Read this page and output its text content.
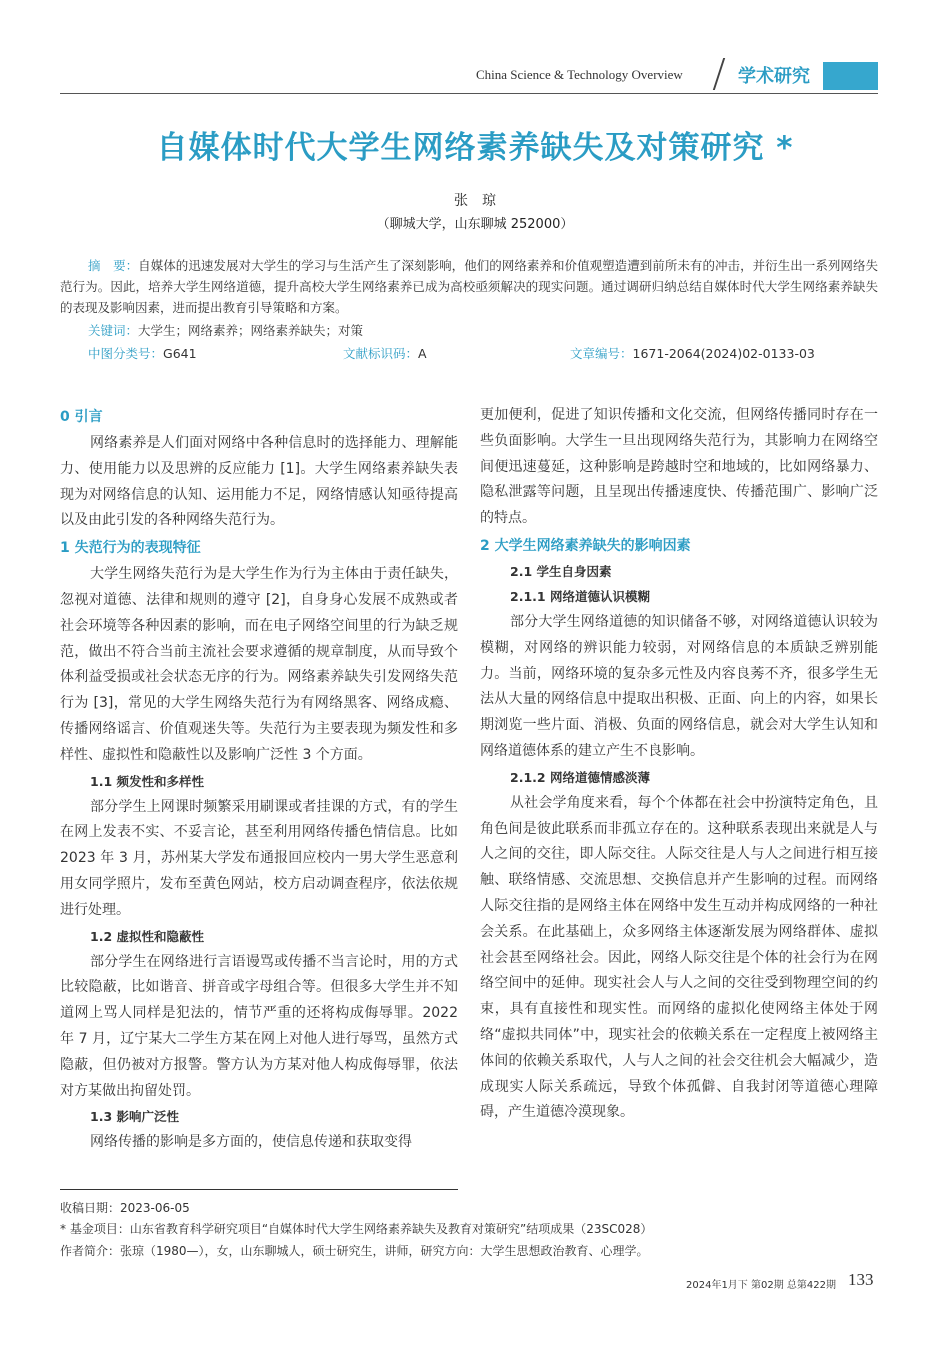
China Science & Technology Overview	学术研究
自媒体时代大学生网络素养缺失及对策研究 *
张　琼
（聊城大学，山东聊城 252000）
摘　要：自媒体的迅速发展对大学生的学习与生活产生了深刻影响，他们的网络素养和价值观塑造遭到前所未有的冲击，并衍生出一系列网络失范行为。因此，培养大学生网络道德，提升高校大学生网络素养已成为高校亟须解决的现实问题。通过调研归纳总结自媒体时代大学生网络素养缺失的表现及影响因素，进而提出教育引导策略和方案。
关键词：大学生；网络素养；网络素养缺失；对策
中图分类号：G641	文献标识码：A	文章编号：1671-2064(2024)02-0133-03
0 引言

网络素养是人们面对网络中各种信息时的选择能力、理解能力、使用能力以及思辨的反应能力 [1]。大学生网络素养缺失表现为对网络信息的认知、运用能力不足，网络情感认知亟待提高以及由此引发的各种网络失范行为。

1 失范行为的表现特征

大学生网络失范行为是大学生作为行为主体由于责任缺失，忽视对道德、法律和规则的遵守 [2]，自身身心发展不成熟或者社会环境等各种因素的影响，而在电子网络空间里的行为缺乏规范，做出不符合当前主流社会要求遵循的规章制度，从而导致个体利益受损或社会状态无序的行为。网络素养缺失引发网络失范行为 [3]，常见的大学生网络失范行为有网络黑客、网络成瘾、传播网络谣言、价值观迷失等。失范行为主要表现为频发性和多样性、虚拟性和隐蔽性以及影响广泛性 3 个方面。

1.1 频发性和多样性

部分学生上网课时频繁采用刷课或者挂课的方式，有的学生在网上发表不实、不妥言论，甚至利用网络传播色情信息。比如 2023 年 3 月，苏州某大学发布通报回应校内一男大学生恶意利用女同学照片，发布至黄色网站，校方启动调查程序，依法依规进行处理。

1.2 虚拟性和隐蔽性

部分学生在网络进行言语谩骂或传播不当言论时，用的方式比较隐蔽，比如谐音、拼音或字母组合等。但很多大学生并不知道网上骂人同样是犯法的，情节严重的还将构成侮辱罪。2022 年 7 月，辽宁某大二学生方某在网上对他人进行辱骂，虽然方式隐蔽，但仍被对方报警。警方认为方某对他人构成侮辱罪，依法对方某做出拘留处罚。

1.3 影响广泛性

网络传播的影响是多方面的，使信息传递和获取变得

更加便利，促进了知识传播和文化交流，但网络传播同时存在一些负面影响。大学生一旦出现网络失范行为，其影响力在网络空间便迅速蔓延，这种影响是跨越时空和地域的，比如网络暴力、隐私泄露等问题，且呈现出传播速度快、传播范围广、影响广泛的特点。

2 大学生网络素养缺失的影响因素
2.1 学生自身因素
2.1.1 网络道德认识模糊

部分大学生网络道德的知识储备不够，对网络道德认识较为模糊，对网络的辨识能力较弱，对网络信息的本质缺乏辨别能力。当前，网络环境的复杂多元性及内容良莠不齐，很多学生无法从大量的网络信息中提取出积极、正面、向上的内容，如果长期浏览一些片面、消极、负面的网络信息，就会对大学生认知和网络道德体系的建立产生不良影响。

2.1.2 网络道德情感淡薄

从社会学角度来看，每个个体都在社会中扮演特定角色，且角色间是彼此联系而非孤立存在的。这种联系表现出来就是人与人之间的交往，即人际交往。人际交往是人与人之间进行相互接触、联络情感、交流思想、交换信息并产生影响的过程。而网络人际交往指的是网络主体在网络中发生互动并构成网络的一种社会关系。在此基础上，众多网络主体逐渐发展为网络群体、虚拟社会甚至网络社会。因此，网络人际交往是个体的社会行为在网络空间中的延伸。现实社会人与人之间的交往受到物理空间的约束，具有直接性和现实性。而网络的虚拟化使网络主体处于网络“虚拟共同体”中，现实社会的依赖关系在一定程度上被网络主体间的依赖关系取代，人与人之间的社会交往机会大幅减少，造成现实人际关系疏远，导致个体孤僻、自我封闭等道德心理障碍，产生道德冷漠现象。

收稿日期：2023-06-05
* 基金项目：山东省教育科学研究项目“自媒体时代大学生网络素养缺失及教育对策研究”结项成果（23SC028）
作者简介：张琼（1980—），女，山东聊城人，硕士研究生，讲师，研究方向：大学生思想政治教育、心理学。
2024年1月下 第02期 总第422期 133
